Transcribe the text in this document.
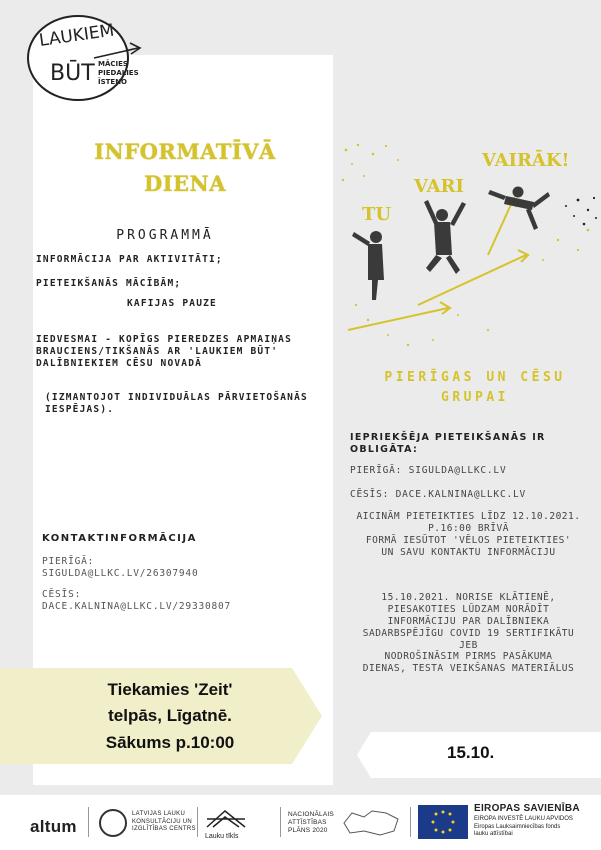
LAUKIEM
BŪT MĀCIES
PIEDALIES
ĪSTENO
INFORMATĪVĀ
DIENA
PROGRAMMĀ
INFORMĀCIJA PAR AKTIVITĀTI;
PIETEIKŠANĀS MĀCĪBĀM;
KAFIJAS PAUZE
IEDVESMAI - KOPĪGS PIEREDZES APMAIŅAS BRAUCIENS/TIKŠANĀS AR 'LAUKIEM BŪT' DALĪBNIEKIEM CĒSU NOVADĀ
(IZMANTOJOT INDIVIDUĀLAS PĀRVIETOŠANĀS IESPĒJAS).
KONTAKTINFORMĀCIJA
PIERĪGĀ:
SIGULDA@LLKC.LV/26307940
CĒSĪS:
DACE.KALNINA@LLKC.LV/29330807
Tiekamies 'Zeit'
telpās, Līgatnē.
Sākums p.10:00
TU
VARI
VAIRĀK!
PIERĪGAS UN CĒSU
GRUPAI
IEPRIEKŠĒJA PIETEIKŠANĀS IR OBLIGĀTA:
PIERĪGĀ: SIGULDA@LLKC.LV
CĒSĪS: DACE.KALNINA@LLKC.LV
AICINĀM PIETEIKTIES LĪDZ 12.10.2021.
P.16:00 BRĪVĀ
FORMĀ IESŪTOT 'VĒLOS PIETEIKTIES'
UN SAVU KONTAKTU INFORMĀCIJU
15.10.2021. NORISE KLĀTIENĒ,
PIESAKOTIES LŪDZAM NORĀDĪT
INFORMĀCIJU PAR DALĪBNIEKA
SADARBSPĒJĪGU COVID 19 SERTIFIKĀTU
JEB
NODROŠINĀSIM PIRMS PASĀKUMA
DIENAS, TESTA VEIKŠANAS MATERIĀLUS
15.10.
altum
LATVIJAS LAUKU
KONSULTĀCIJU UN
IZGLĪTĪBAS CENTRS
Lauku tīkls
NACIONĀLAIS
ATTĪSTĪBAS
PLĀNS 2020
EIROPAS SAVIENĪBA
EIROPA INVESTĒ LAUKU APVIDOS
Eiropas Lauksaimniecības fonds
lauku attīstībai
